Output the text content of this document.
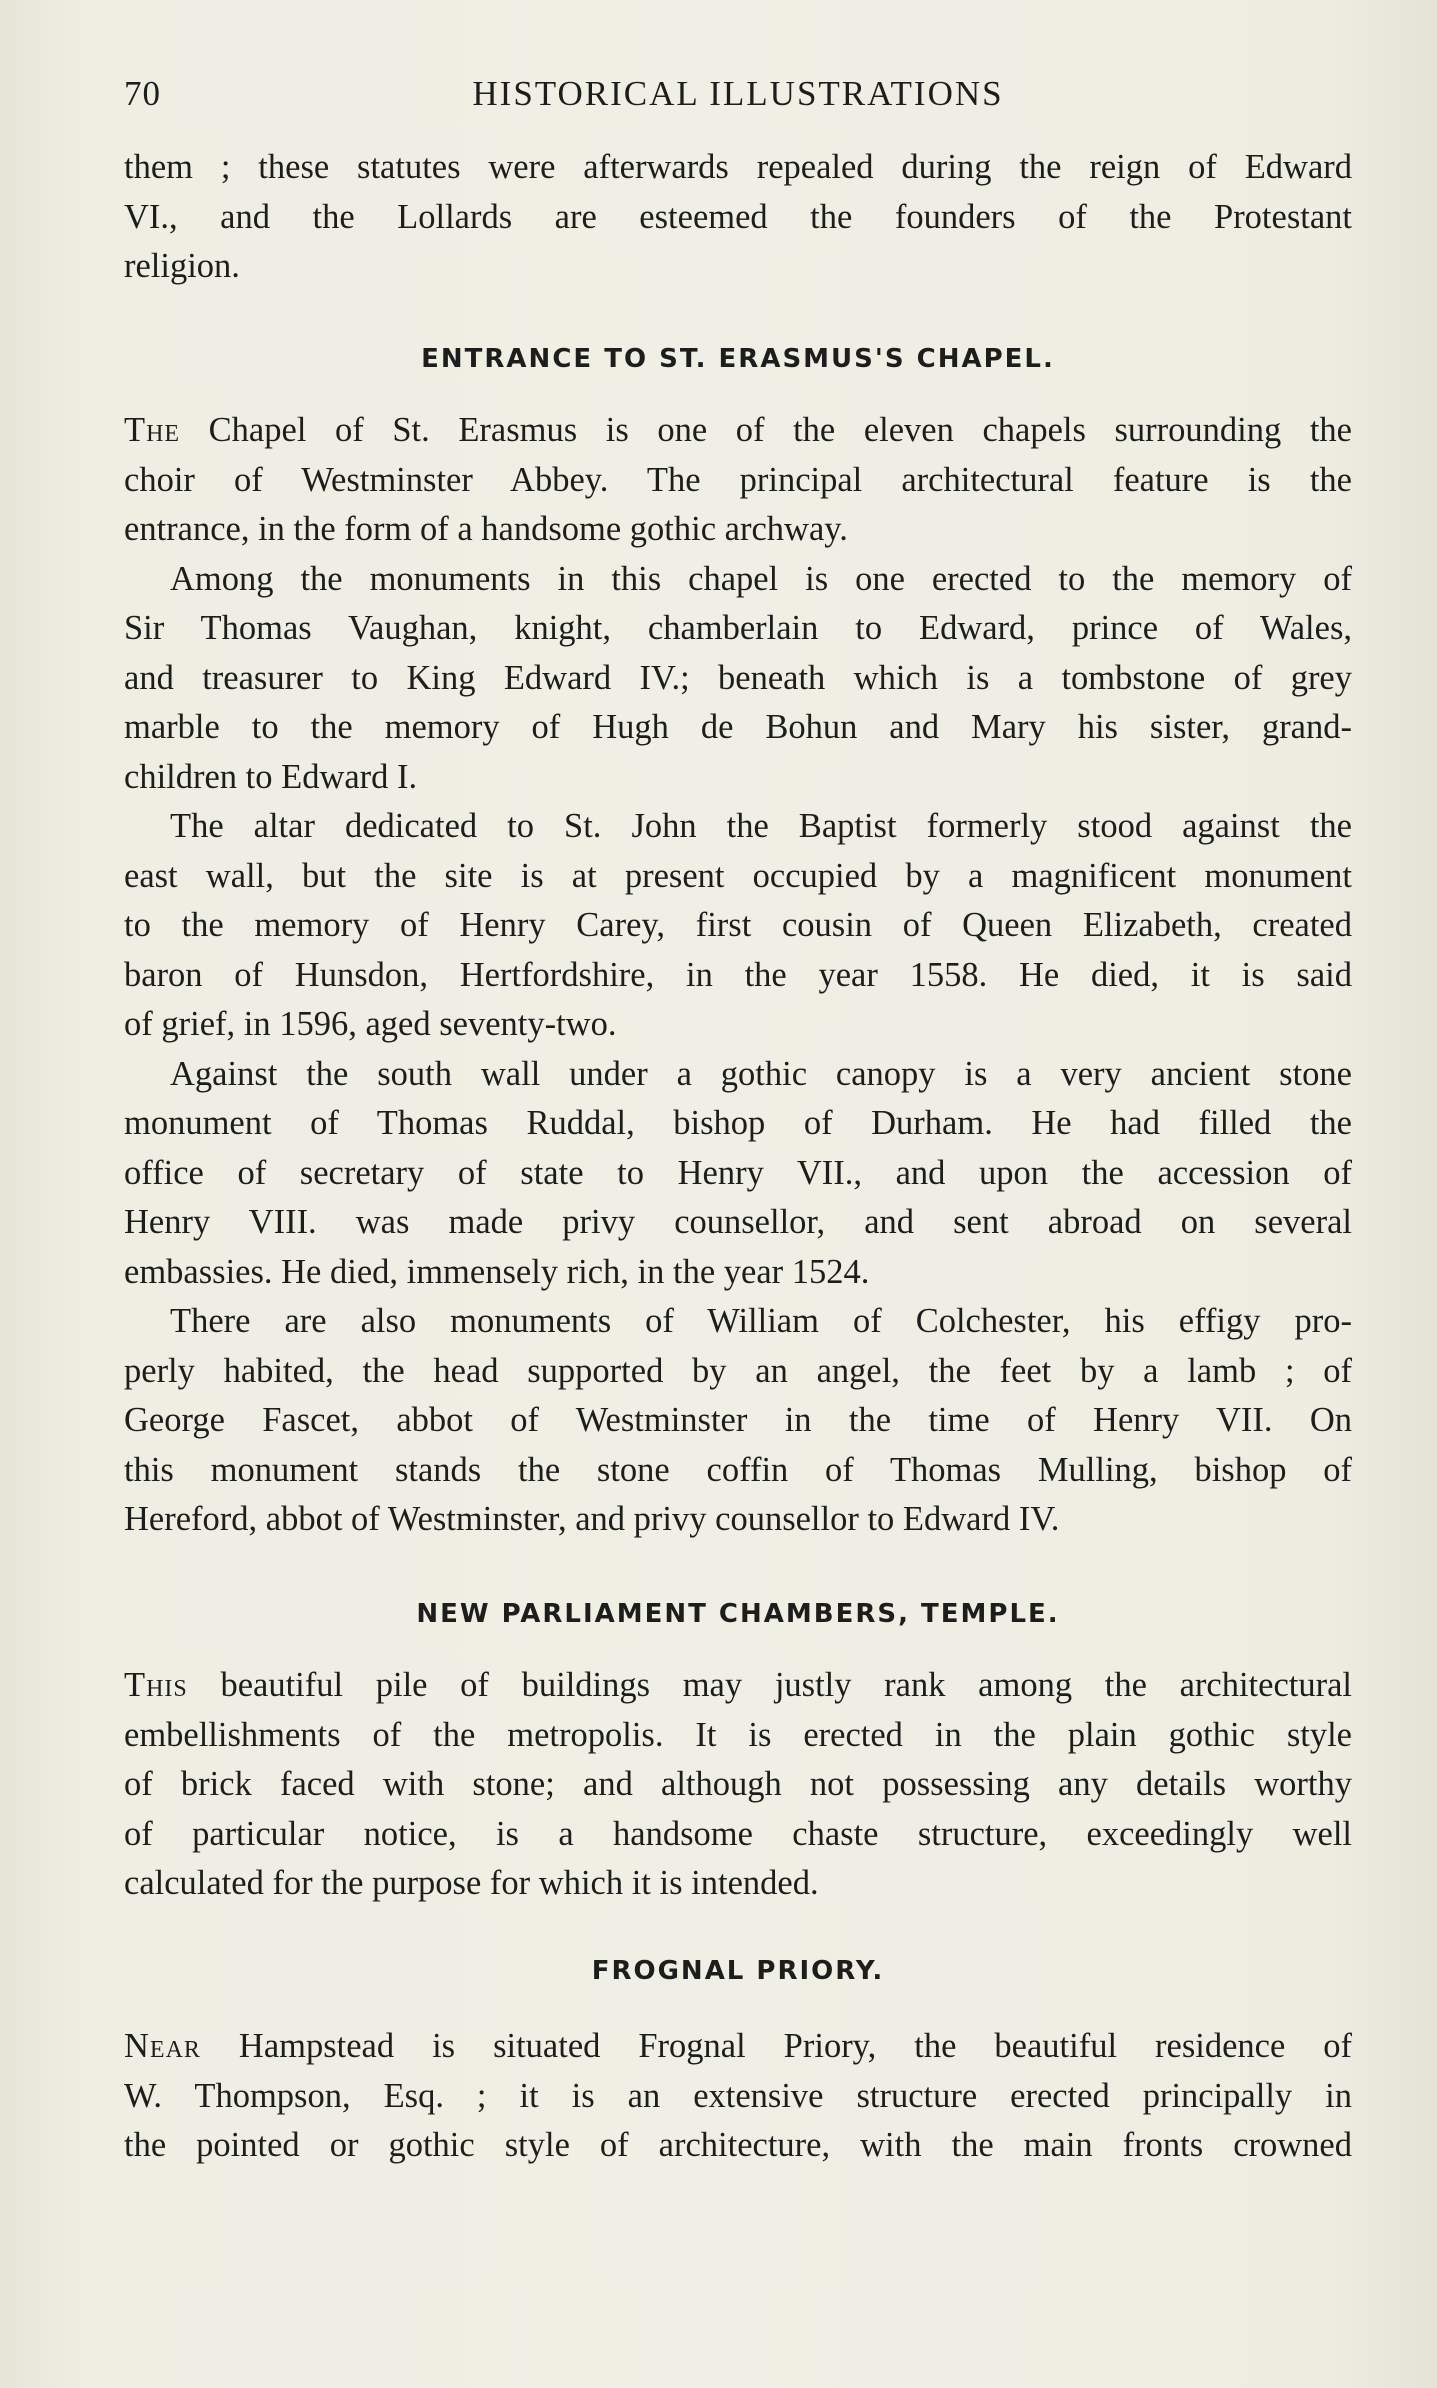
70	HISTORICAL ILLUSTRATIONS
them ; these statutes were afterwards repealed during the reign of Edward
VI., and the Lollards are esteemed the founders of the Protestant
religion.
ENTRANCE TO ST. ERASMUS'S CHAPEL.
The Chapel of St. Erasmus is one of the eleven chapels surrounding the
choir of Westminster Abbey. The principal architectural feature is the
entrance, in the form of a handsome gothic archway.
Among the monuments in this chapel is one erected to the memory of
Sir Thomas Vaughan, knight, chamberlain to Edward, prince of Wales,
and treasurer to King Edward IV.; beneath which is a tombstone of grey
marble to the memory of Hugh de Bohun and Mary his sister, grand-
children to Edward I.
The altar dedicated to St. John the Baptist formerly stood against the
east wall, but the site is at present occupied by a magnificent monument
to the memory of Henry Carey, first cousin of Queen Elizabeth, created
baron of Hunsdon, Hertfordshire, in the year 1558. He died, it is said
of grief, in 1596, aged seventy-two.
Against the south wall under a gothic canopy is a very ancient stone
monument of Thomas Ruddal, bishop of Durham. He had filled the
office of secretary of state to Henry VII., and upon the accession of
Henry VIII. was made privy counsellor, and sent abroad on several
embassies. He died, immensely rich, in the year 1524.
There are also monuments of William of Colchester, his effigy pro-
perly habited, the head supported by an angel, the feet by a lamb ; of
George Fascet, abbot of Westminster in the time of Henry VII. On
this monument stands the stone coffin of Thomas Mulling, bishop of
Hereford, abbot of Westminster, and privy counsellor to Edward IV.
NEW PARLIAMENT CHAMBERS, TEMPLE.
This beautiful pile of buildings may justly rank among the architectural
embellishments of the metropolis. It is erected in the plain gothic style
of brick faced with stone; and although not possessing any details worthy
of particular notice, is a handsome chaste structure, exceedingly well
calculated for the purpose for which it is intended.
FROGNAL PRIORY.
Near Hampstead is situated Frognal Priory, the beautiful residence of
W. Thompson, Esq. ; it is an extensive structure erected principally in
the pointed or gothic style of architecture, with the main fronts crowned
